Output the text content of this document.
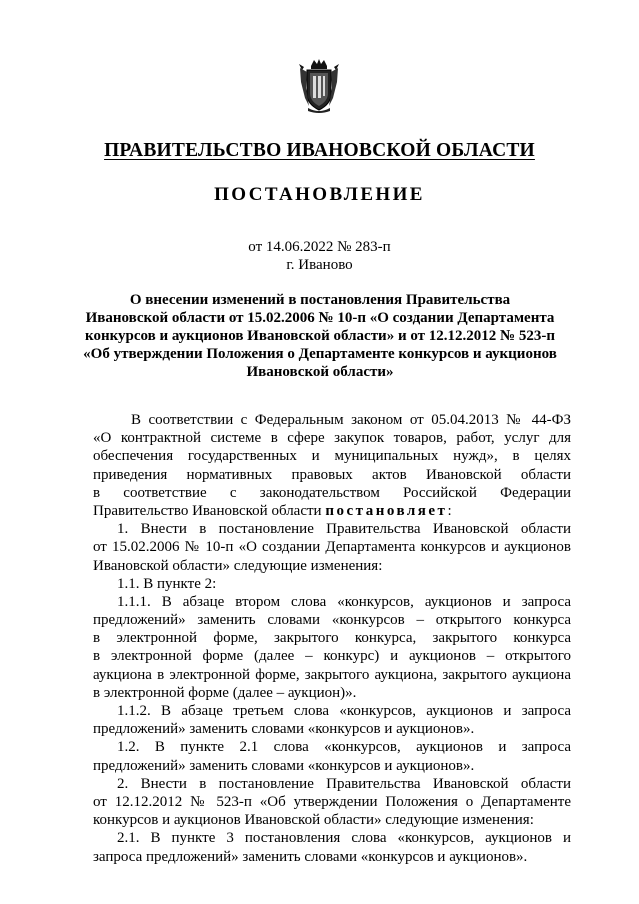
ПРАВИТЕЛЬСТВО ИВАНОВСКОЙ ОБЛАСТИ
ПОСТАНОВЛЕНИЕ
от 14.06.2022 № 283-п
г. Иваново
О внесении изменений в постановления Правительства
Ивановской области от 15.02.2006 № 10-п «О создании Департамента
конкурсов и аукционов Ивановской области» и от 12.12.2012 № 523-п
«Об утверждении Положения о Департаменте конкурсов и аукционов
Ивановской области»
В соответствии с Федеральным законом от 05.04.2013 № 44-ФЗ
«О контрактной системе в сфере закупок товаров, работ, услуг для
обеспечения государственных и муниципальных нужд», в целях
приведения нормативных правовых актов Ивановской области
в соответствие с законодательством Российской Федерации
Правительство Ивановской области постановляет:
1. Внести в постановление Правительства Ивановской области
от 15.02.2006 № 10-п «О создании Департамента конкурсов и аукционов
Ивановской области» следующие изменения:
1.1. В пункте 2:
1.1.1. В абзаце втором слова «конкурсов, аукционов и запроса
предложений» заменить словами «конкурсов – открытого конкурса
в электронной форме, закрытого конкурса, закрытого конкурса
в электронной форме (далее – конкурс) и аукционов – открытого
аукциона в электронной форме, закрытого аукциона, закрытого аукциона
в электронной форме (далее – аукцион)».
1.1.2. В абзаце третьем слова «конкурсов, аукционов и запроса
предложений» заменить словами «конкурсов и аукционов».
1.2. В пункте 2.1 слова «конкурсов, аукционов и запроса
предложений» заменить словами «конкурсов и аукционов».
2. Внести в постановление Правительства Ивановской области
от 12.12.2012 № 523-п «Об утверждении Положения о Департаменте
конкурсов и аукционов Ивановской области» следующие изменения:
2.1. В пункте 3 постановления слова «конкурсов, аукционов и
запроса предложений» заменить словами «конкурсов и аукционов».
